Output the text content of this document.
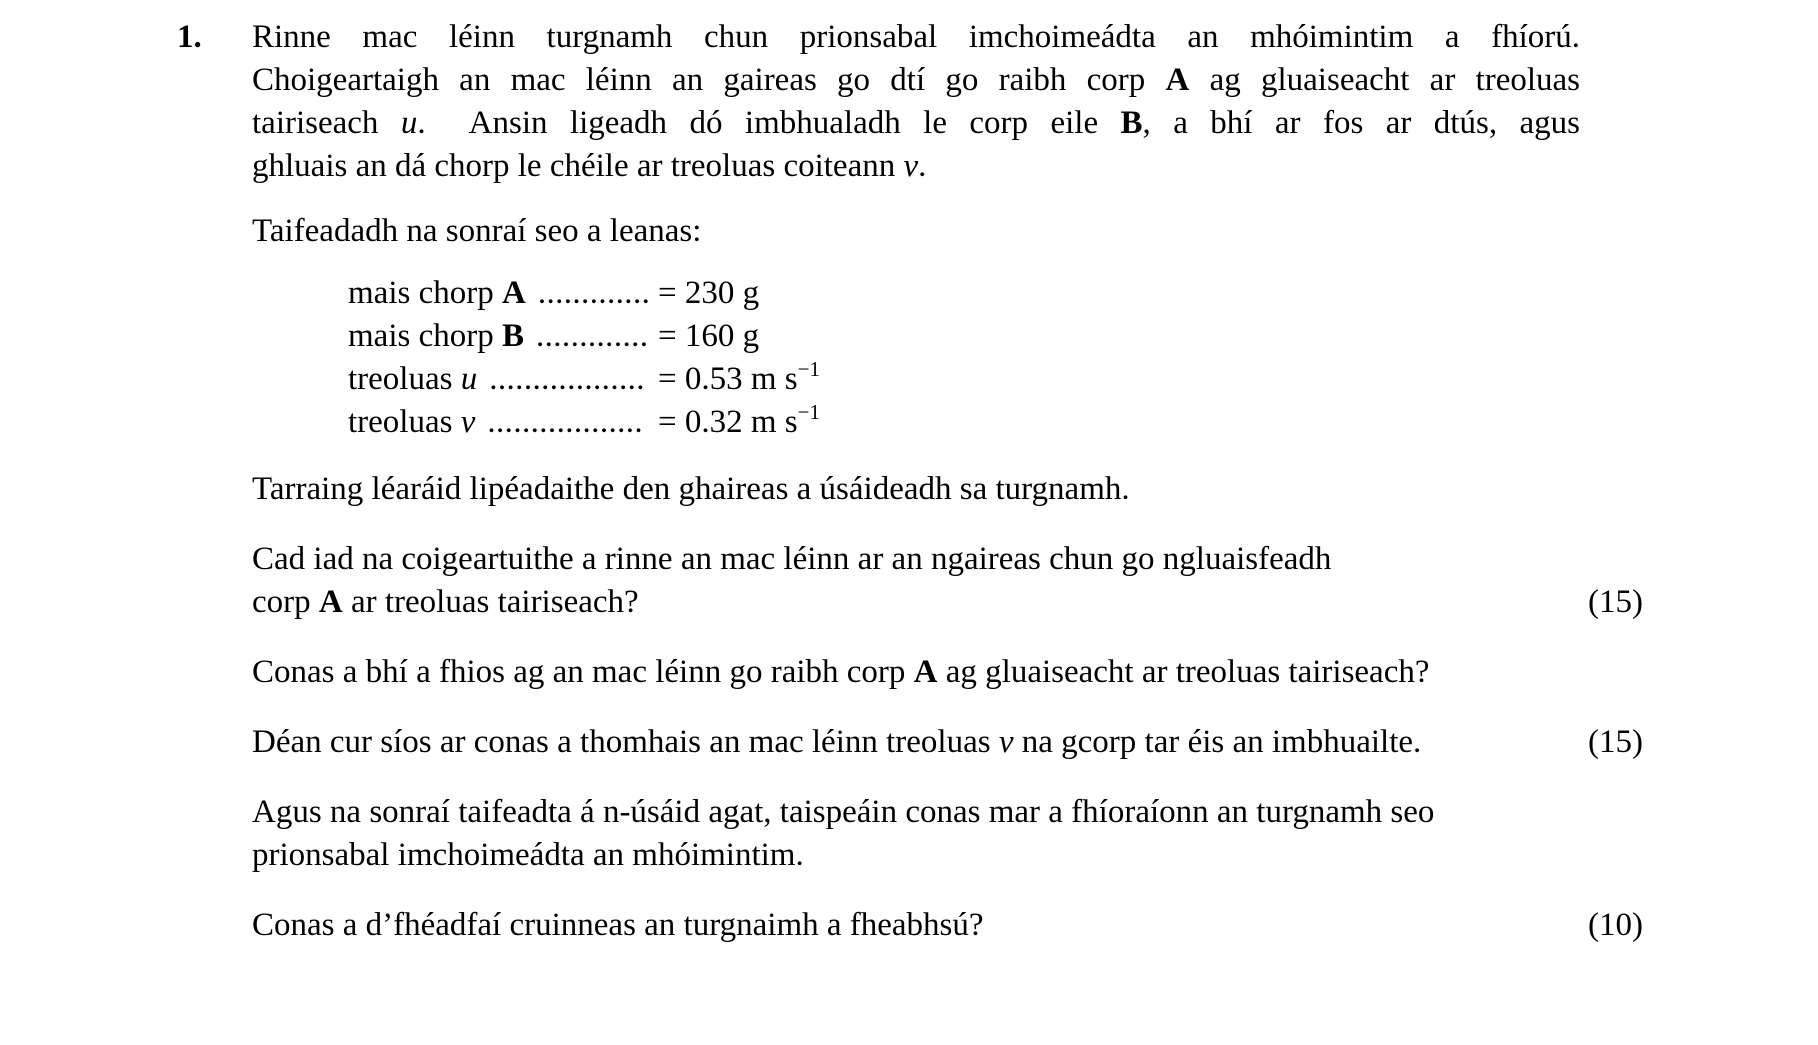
1. Rinne mac léinn turgnamh chun prionsabal imchoimeádta an mhóimintim a fhíorú.
Choigeartaigh an mac léinn an gaireas go dtí go raibh corp A ag gluaiseacht ar treoluas
tairiseach u.  Ansin ligeadh dó imbhualadh le corp eile B, a bhí ar fos ar dtús, agus
ghluais an dá chorp le chéile ar treoluas coiteann v.
Taifeadadh na sonraí seo a leanas:
mais chorp A ............. = 230 g
mais chorp B ............. = 160 g
treoluas u .................. = 0.53 m $s^{-1}$
treoluas v .................. = 0.32 m $s^{-1}$
Tarraing léaráid lipéadaithe den ghaireas a úsáideadh sa turgnamh.
Cad iad na coigeartuithe a rinne an mac léinn ar an ngaireas chun go ngluaisfeadh
corp A ar treoluas tairiseach?	(15)
Conas a bhí a fhios ag an mac léinn go raibh corp A ag gluaiseacht ar treoluas tairiseach?
Déan cur síos ar conas a thomhais an mac léinn treoluas v na gcorp tar éis an imbhuailte.	(15)
Agus na sonraí taifeadta á n-úsáid agat, taispeáin conas mar a fhíoraíonn an turgnamh seo
prionsabal imchoimeádta an mhóimintim.
Conas a d’fhéadfaí cruinneas an turgnaimh a fheabhsú?	(10)
